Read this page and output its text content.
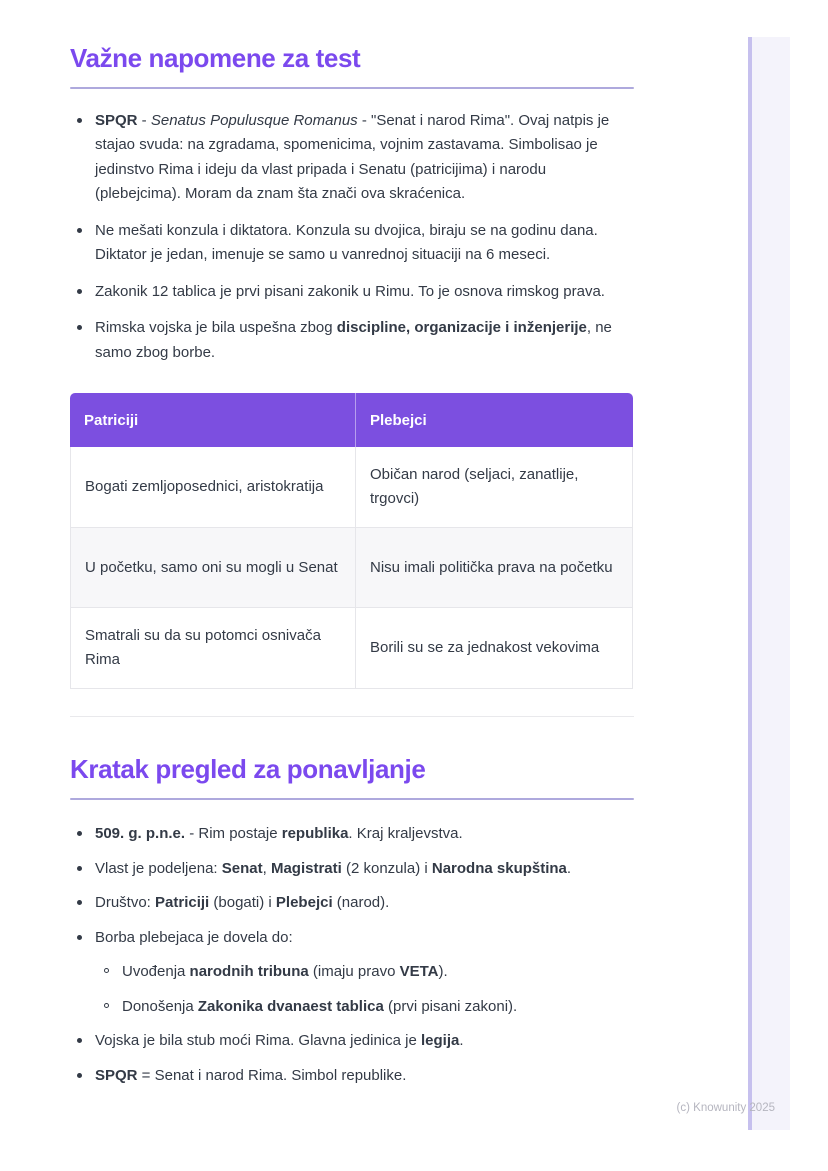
Važne napomene za test
SPQR - Senatus Populusque Romanus - "Senat i narod Rima". Ovaj natpis je stajao svuda: na zgradama, spomenicima, vojnim zastavama. Simbolisao je jedinstvo Rima i ideju da vlast pripada i Senatu (patricijima) i narodu (plebejcima). Moram da znam šta znači ova skraćenica.
Ne mešati konzula i diktatora. Konzula su dvojica, biraju se na godinu dana. Diktator je jedan, imenuje se samo u vanrednoj situaciji na 6 meseci.
Zakonik 12 tablica je prvi pisani zakonik u Rimu. To je osnova rimskog prava.
Rimska vojska je bila uspešna zbog discipline, organizacije i inženjerije, ne samo zbog borbe.
Patriciji	Plebejci
Bogati zemljoposednici, aristokratija	Običan narod (seljaci, zanatlije, trgovci)
U početku, samo oni su mogli u Senat	Nisu imali politička prava na početku
Smatrali su da su potomci osnivača Rima	Borili su se za jednakost vekovima
Kratak pregled za ponavljanje
509. g. p.n.e. - Rim postaje republika. Kraj kraljevstva.
Vlast je podeljena: Senat, Magistrati (2 konzula) i Narodna skupština.
Društvo: Patriciji (bogati) i Plebejci (narod).
Borba plebejaca je dovela do:
Uvođenja narodnih tribuna (imaju pravo VETA).
Donošenja Zakonika dvanaest tablica (prvi pisani zakoni).
Vojska je bila stub moći Rima. Glavna jedinica je legija.
SPQR = Senat i narod Rima. Simbol republike.
(c) Knowunity 2025
